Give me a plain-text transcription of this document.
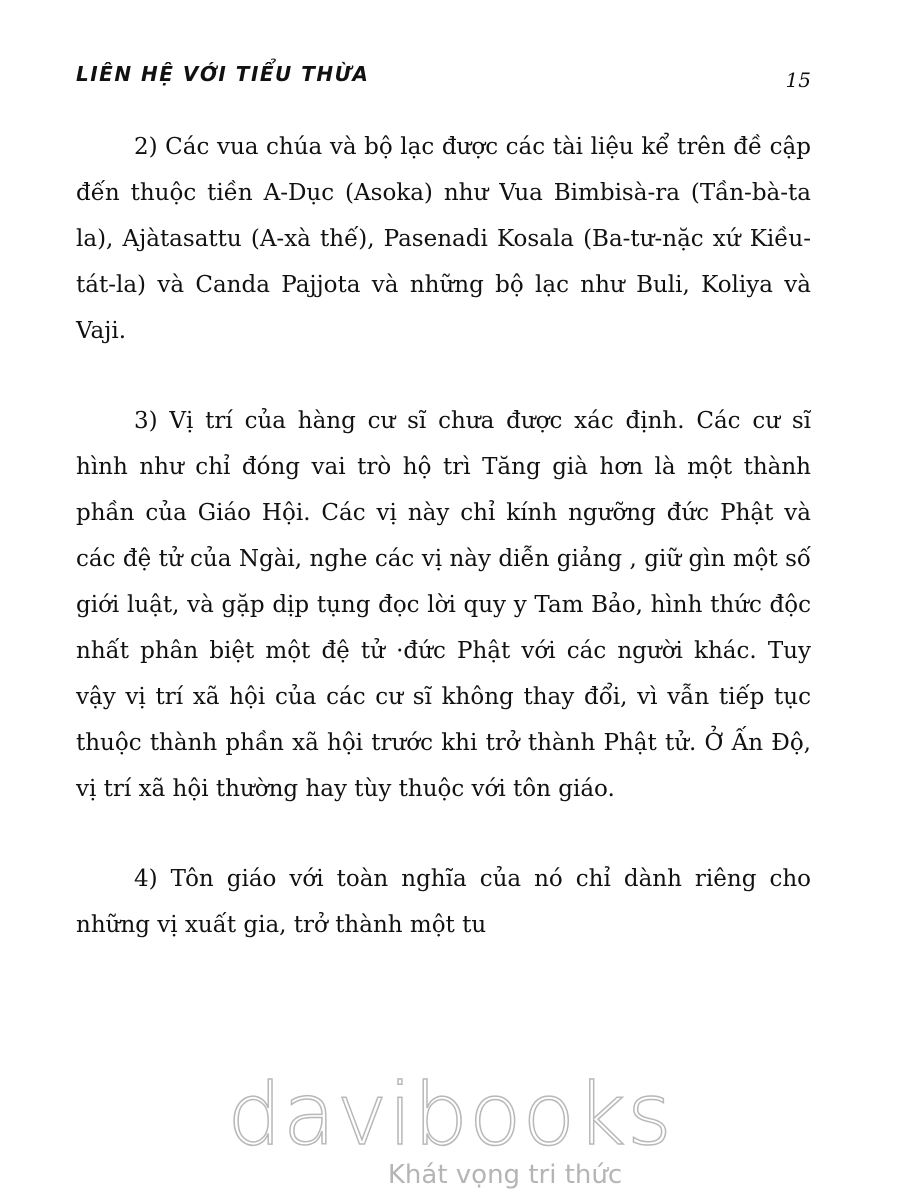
LIÊN HỆ VỚI TIỂU THỪA	15

2) Các vua chúa và bộ lạc được các tài liệu kể trên đề cập đến thuộc tiền A-Dục (Asoka) như Vua Bimbisà-ra (Tần-bà-ta la), Ajàtasattu (A-xà thế), Pasenadi Kosala (Ba-tư-nặc xứ Kiều-tát-la) và Canda Pajjota và những bộ lạc như Buli, Koliya và Vaji.

3) Vị trí của hàng cư sĩ chưa được xác định. Các cư sĩ hình như chỉ đóng vai trò hộ trì Tăng già hơn là một thành phần của Giáo Hội. Các vị này chỉ kính ngưỡng đức Phật và các đệ tử của Ngài, nghe các vị này diễn giảng , giữ gìn một số giới luật, và gặp dịp tụng đọc lời quy y Tam Bảo, hình thức độc nhất phân biệt một đệ tử ·đức Phật với các người khác. Tuy vậy vị trí xã hội của các cư sĩ không thay đổi, vì vẫn tiếp tục thuộc thành phần xã hội trước khi trở thành Phật tử. Ở Ấn Độ, vị trí xã hội thường hay tùy thuộc với tôn giáo.

4) Tôn giáo với toàn nghĩa của nó chỉ dành riêng cho những vị xuất gia, trở thành một tu

davibooks
Khát vọng tri thức
